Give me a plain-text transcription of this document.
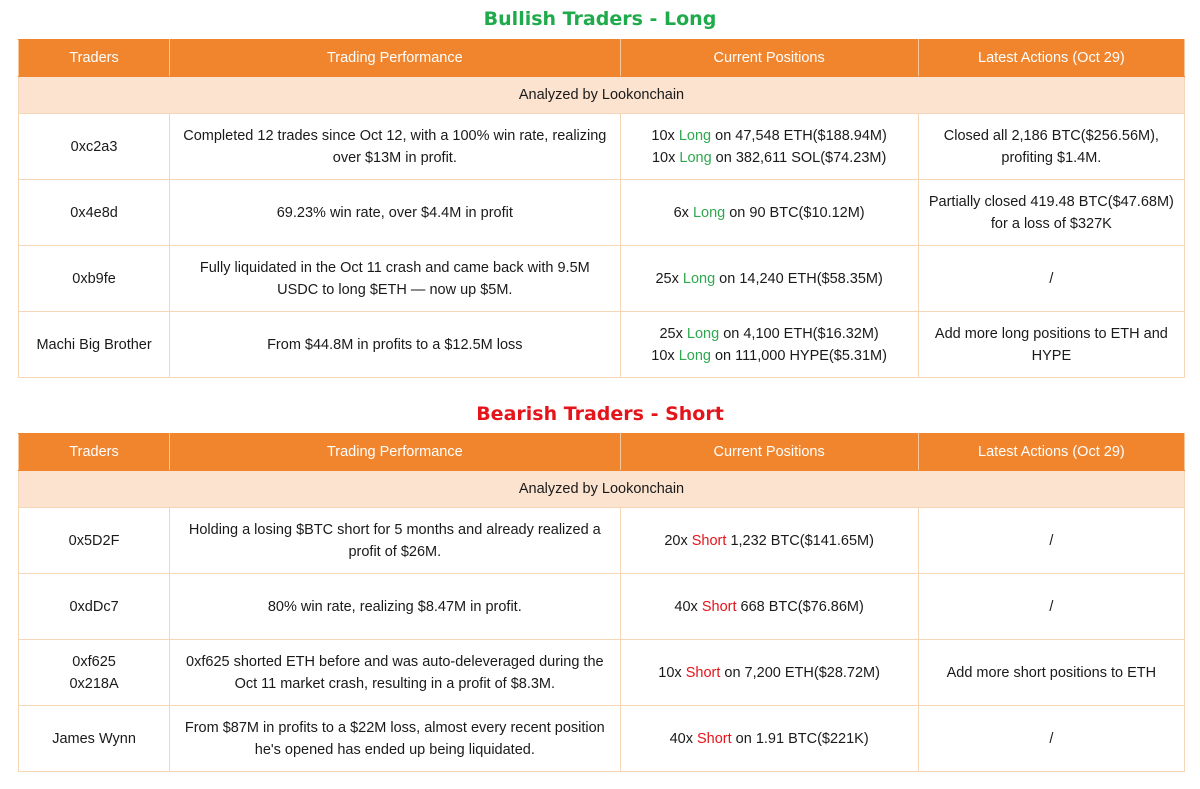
Bullish Traders - Long
Traders	Trading Performance	Current Positions	Latest Actions (Oct 29)
Analyzed by Lookonchain			

0xc2a3	Completed 12 trades since Oct 12, with a 100% win rate, realizing
over $13M in profit.	10x Long on 47,548 ETH($188.94M)
10x Long on 382,611 SOL($74.23M)	Closed all 2,186 BTC($256.56M),
profiting $1.4M.

0x4e8d	69.23% win rate, over $4.4M in profit	6x Long on 90 BTC($10.12M)	Partially closed 419.48 BTC($47.68M)
for a loss of $327K

0xb9fe	Fully liquidated in the Oct 11 crash and came back with 9.5M
USDC to long $ETH — now up $5M.	25x Long on 14,240 ETH($58.35M)	/

Machi Big Brother	From $44.8M in profits to a $12.5M loss	25x Long on 4,100 ETH($16.32M)
10x Long on 111,000 HYPE($5.31M)	Add more long positions to ETH and
HYPE
Bearish Traders - Short
Traders	Trading Performance	Current Positions	Latest Actions (Oct 29)
Analyzed by Lookonchain			

0x5D2F	Holding a losing $BTC short for 5 months and already realized a
profit of $26M.	20x Short 1,232 BTC($141.65M)	/

0xdDc7	80% win rate, realizing $8.47M in profit.	40x Short 668 BTC($76.86M)	/

0xf625
0x218A	0xf625 shorted ETH before and was auto-deleveraged during the
Oct 11 market crash, resulting in a profit of $8.3M.	10x Short on 7,200 ETH($28.72M)	Add more short positions to ETH

James Wynn	From $87M in profits to a $22M loss, almost every recent position
he's opened has ended up being liquidated.	40x Short on 1.91 BTC($221K)	/
